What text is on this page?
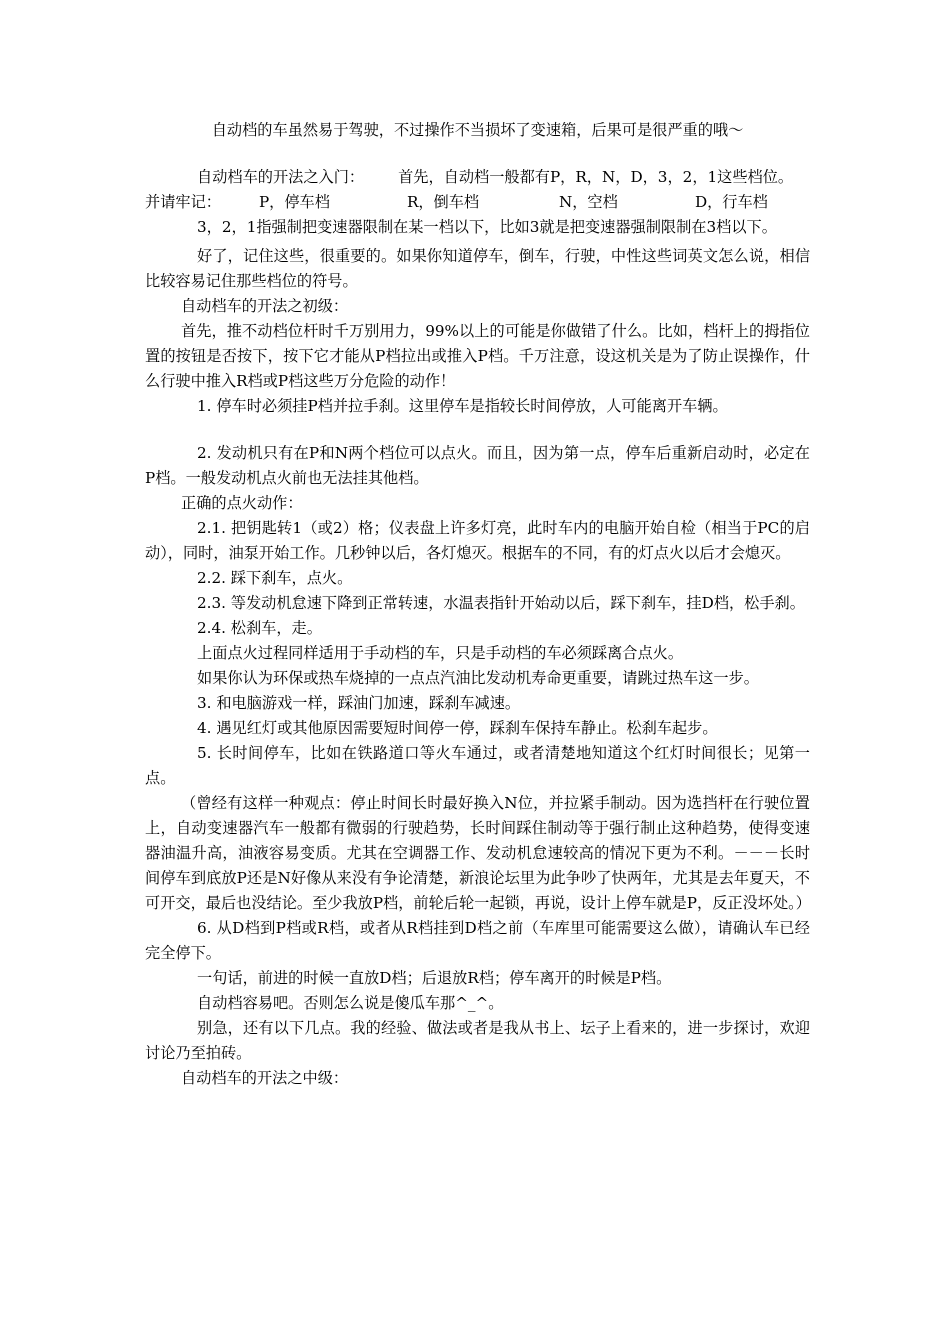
自动档的车虽然易于驾驶，不过操作不当损坏了变速箱，后果可是很严重的哦～

自动档车的开法之入门： 首先，自动档一般都有P，R，N，D，3，2，1这些档位。

并请牢记：	P，停车档	R，倒车档	N，空档	D，行车档

3，2，1指强制把变速器限制在某一档以下，比如3就是把变速器强制限制在3档以下。

好了，记住这些，很重要的。如果你知道停车，倒车，行驶，中性这些词英文怎么说，相信比较容易记住那些档位的符号。

自动档车的开法之初级：

首先，推不动档位杆时千万别用力，99%以上的可能是你做错了什么。比如，档杆上的拇指位置的按钮是否按下，按下它才能从P档拉出或推入P档。千万注意，设这机关是为了防止误操作，什么行驶中推入R档或P档这些万分危险的动作！

1. 停车时必须挂P档并拉手刹。这里停车是指较长时间停放，人可能离开车辆。

2. 发动机只有在P和N两个档位可以点火。而且，因为第一点，停车后重新启动时，必定在P档。一般发动机点火前也无法挂其他档。

正确的点火动作：

2.1. 把钥匙转1（或2）格；仪表盘上许多灯亮，此时车内的电脑开始自检（相当于PC的启动），同时，油泵开始工作。几秒钟以后，各灯熄灭。根据车的不同，有的灯点火以后才会熄灭。

2.2. 踩下刹车，点火。

2.3. 等发动机怠速下降到正常转速，水温表指针开始动以后，踩下刹车，挂D档，松手刹。

2.4. 松刹车，走。

上面点火过程同样适用于手动档的车，只是手动档的车必须踩离合点火。

如果你认为环保或热车烧掉的一点点汽油比发动机寿命更重要，请跳过热车这一步。

3. 和电脑游戏一样，踩油门加速，踩刹车减速。

4. 遇见红灯或其他原因需要短时间停一停，踩刹车保持车静止。松刹车起步。

5. 长时间停车，比如在铁路道口等火车通过，或者清楚地知道这个红灯时间很长；见第一点。

（曾经有这样一种观点：停止时间长时最好换入N位，并拉紧手制动。因为选挡杆在行驶位置上，自动变速器汽车一般都有微弱的行驶趋势，长时间踩住制动等于强行制止这种趋势，使得变速器油温升高，油液容易变质。尤其在空调器工作、发动机怠速较高的情况下更为不利。－－－长时间停车到底放P还是N好像从来没有争论清楚，新浪论坛里为此争吵了快两年，尤其是去年夏天，不可开交，最后也没结论。至少我放P档，前轮后轮一起锁，再说，设计上停车就是P，反正没坏处。）

6. 从D档到P档或R档，或者从R档挂到D档之前（车库里可能需要这么做），请确认车已经完全停下。

一句话，前进的时候一直放D档；后退放R档；停车离开的时候是P档。

自动档容易吧。否则怎么说是傻瓜车那^_^。

别急，还有以下几点。我的经验、做法或者是我从书上、坛子上看来的，进一步探讨，欢迎讨论乃至拍砖。

自动档车的开法之中级：
